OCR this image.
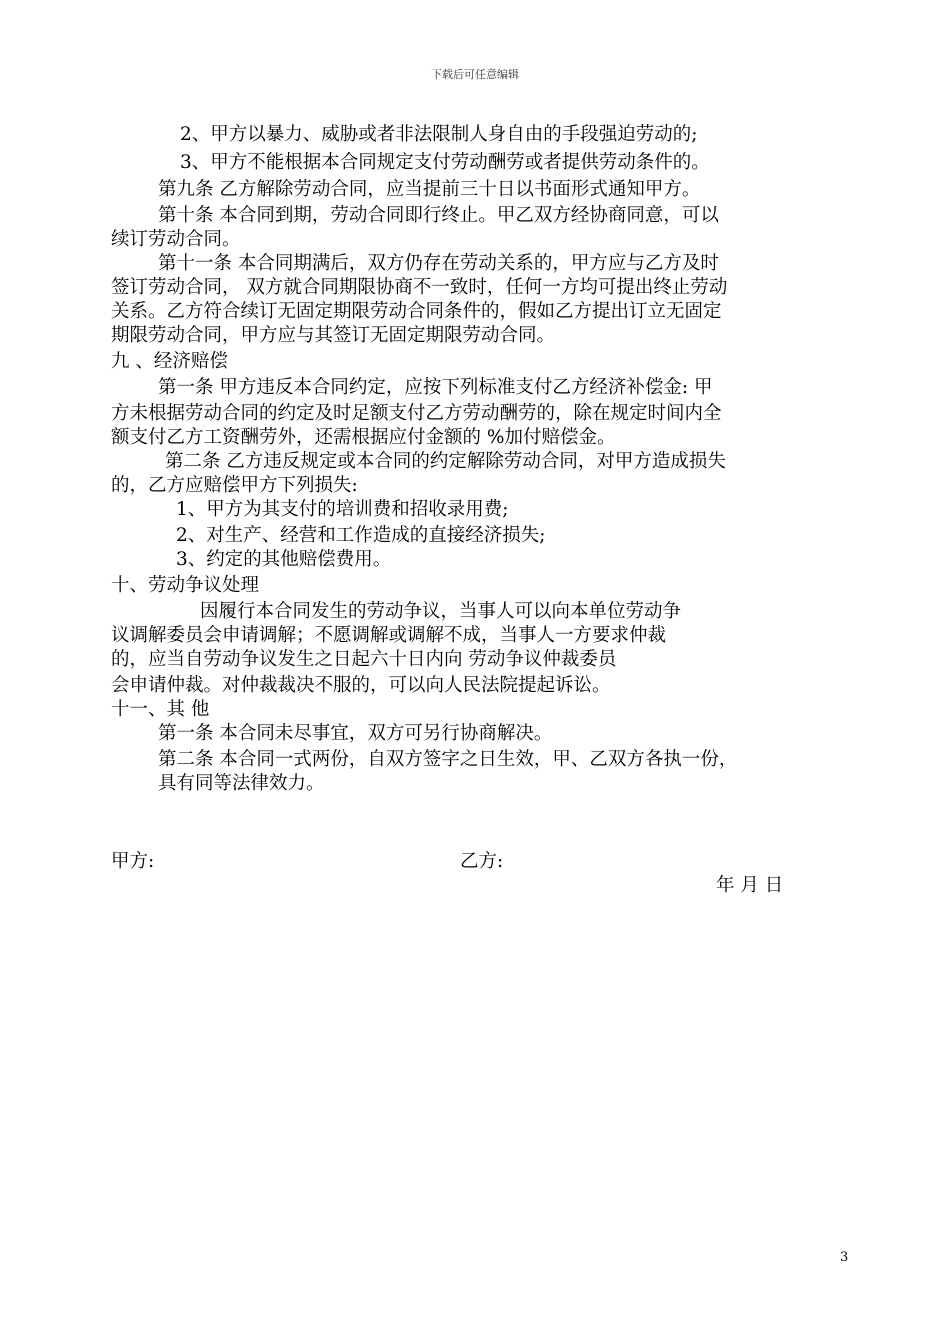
下载后可任意编辑
2、甲方以暴力、威胁或者非法限制人身自由的手段强迫劳动的;
3、甲方不能根据本合同规定支付劳动酬劳或者提供劳动条件的。
第九条 乙方解除劳动合同，应当提前三十日以书面形式通知甲方。
第十条 本合同到期，劳动合同即行终止。甲乙双方经协商同意，可以
续订劳动合同。
第十一条 本合同期满后，双方仍存在劳动关系的，甲方应与乙方及时
签订劳动合同， 双方就合同期限协商不一致时，任何一方均可提出终止劳动
关系。乙方符合续订无固定期限劳动合同条件的，假如乙方提出订立无固定
期限劳动合同，甲方应与其签订无固定期限劳动合同。
九 、经济赔偿
第一条 甲方违反本合同约定，应按下列标准支付乙方经济补偿金: 甲
方未根据劳动合同的约定及时足额支付乙方劳动酬劳的，除在规定时间内全
额支付乙方工资酬劳外，还需根据应付金额的 %加付赔偿金。
第二条 乙方违反规定或本合同的约定解除劳动合同，对甲方造成损失
的，乙方应赔偿甲方下列损失:
1、甲方为其支付的培训费和招收录用费;
2、对生产、经营和工作造成的直接经济损失;
3、约定的其他赔偿费用。
十、劳动争议处理
因履行本合同发生的劳动争议，当事人可以向本单位劳动争
议调解委员会申请调解；不愿调解或调解不成，当事人一方要求仲裁
的，应当自劳动争议发生之日起六十日内向 劳动争议仲裁委员
会申请仲裁。对仲裁裁决不服的，可以向人民法院提起诉讼。
十一、其 他
第一条 本合同未尽事宜，双方可另行协商解决。
第二条 本合同一式两份，自双方签字之日生效，甲、乙双方各执一份，
具有同等法律效力。
甲方:	乙方:
年 月 日
3
